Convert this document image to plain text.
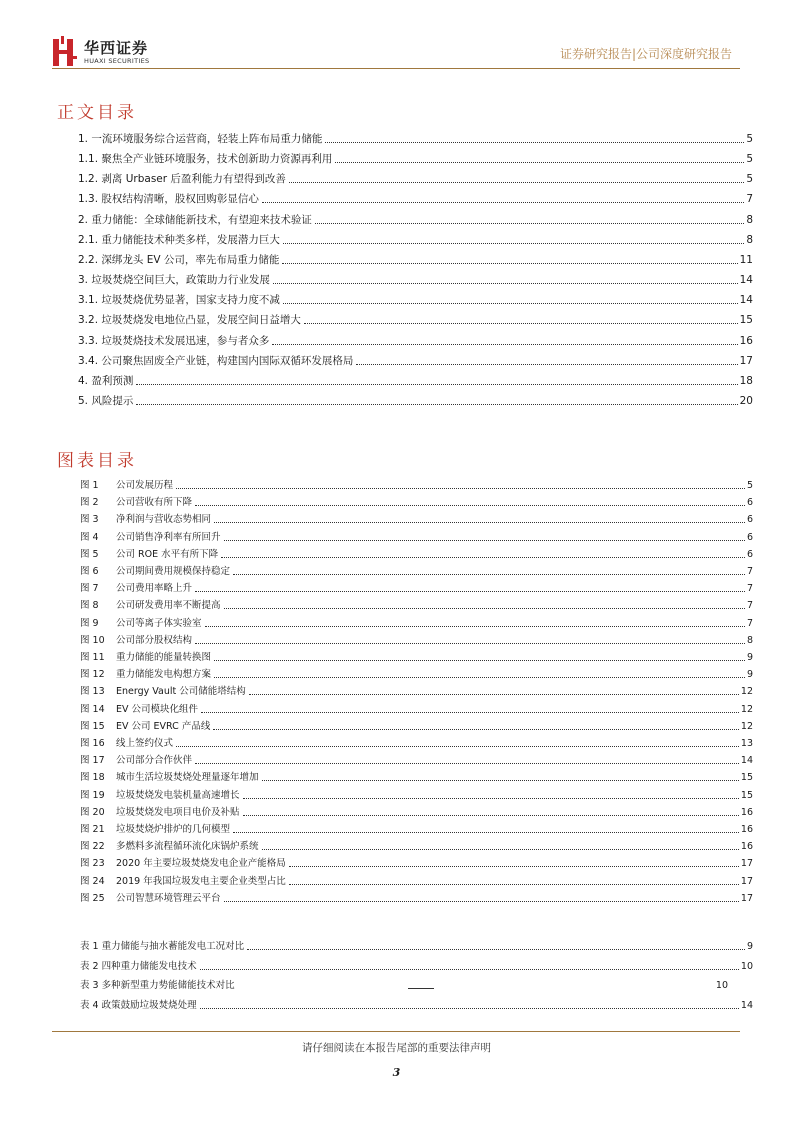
华西证券
HUAXI SECURITIES	证券研究报告|公司深度研究报告
正文目录
1. 一流环境服务综合运营商，轻装上阵布局重力储能	5
1.1. 聚焦全产业链环境服务，技术创新助力资源再利用	5
1.2. 剥离 Urbaser 后盈利能力有望得到改善	5
1.3. 股权结构清晰，股权回购彰显信心	7
2. 重力储能：全球储能新技术，有望迎来技术验证	8
2.1. 重力储能技术种类多样，发展潜力巨大	8
2.2. 深绑龙头 EV 公司，率先布局重力储能	11
3. 垃圾焚烧空间巨大，政策助力行业发展	14
3.1. 垃圾焚烧优势显著，国家支持力度不减	14
3.2. 垃圾焚烧发电地位凸显，发展空间日益增大	15
3.3. 垃圾焚烧技术发展迅速，参与者众多	16
3.4. 公司聚焦固废全产业链，构建国内国际双循环发展格局	17
4. 盈利预测	18
5. 风险提示	20
图表目录
图 1	公司发展历程	5
图 2	公司营收有所下降	6
图 3	净利润与营收态势相同	6
图 4	公司销售净利率有所回升	6
图 5	公司 ROE 水平有所下降	6
图 6	公司期间费用规模保持稳定	7
图 7	公司费用率略上升	7
图 8	公司研发费用率不断提高	7
图 9	公司等离子体实验室	7
图 10	公司部分股权结构	8
图 11	重力储能的能量转换图	9
图 12	重力储能发电构想方案	9
图 13	Energy Vault 公司储能塔结构	12
图 14	EV 公司模块化组件	12
图 15	EV 公司 EVRC 产品线	12
图 16	线上签约仪式	13
图 17	公司部分合作伙伴	14
图 18	城市生活垃圾焚烧处理量逐年增加	15
图 19	垃圾焚烧发电装机量高速增长	15
图 20	垃圾焚烧发电项目电价及补贴	16
图 21	垃圾焚烧炉排炉的几何模型	16
图 22	多燃料多流程循环流化床锅炉系统	16
图 23	2020 年主要垃圾焚烧发电企业产能格局	17
图 24	2019 年我国垃圾发电主要企业类型占比	17
图 25	公司智慧环境管理云平台	17
表 1 重力储能与抽水蓄能发电工况对比	9
表 2 四种重力储能发电技术	10
表 3 多种新型重力势能储能技术对比	10
表 4 政策鼓励垃圾焚烧处理	14
请仔细阅读在本报告尾部的重要法律声明
3
